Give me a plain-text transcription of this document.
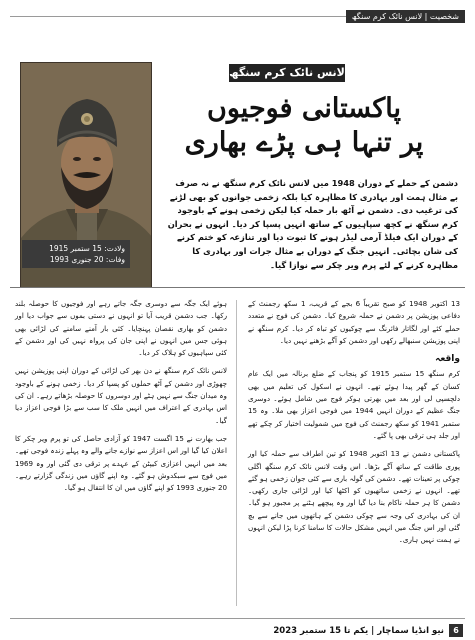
شخصیت | لانس نائک کرم سنگھ
ولادت: 15 ستمبر 1915
وفات: 20 جنوری 1993
لانس نائک کرم سنگھ
پاکستانی فوجیوں
پر تنہا ہی پڑے بھاری

دشمن کے حملے کے دوران 1948 میں لانس نائک کرم سنگھ نے نہ صرف بے مثال ہمت اور بہادری کا مظاہرہ کیا بلکہ زخمی جوانوں کو بھی لڑنے کی ترغیب دی۔ دشمن نے آٹھ بار حملہ کیا لیکن زخمی ہونے کے باوجود کرم سنگھ نے کچھ سپاہیوں کے ساتھ انہیں پسپا کر دیا۔ انہوں نے بحران کے دوران ایک فیلڈ آرمی لیڈر ہونے کا ثبوت دیا اور تنازعہ کو ختم کرنے کی شان بچائی۔ انہیں جنگ کے دوران بے مثال جرات اور بہادری کا مظاہرہ کرنے کے لئے پرم ویر چکر سے نوازا گیا۔

13 اکتوبر 1948 کو صبح تقریباً 6 بجے کے قریب، 1 سکھ رجمنٹ کے دفاعی پوزیشن پر دشمن نے حملہ شروع کیا۔ دشمن کی فوج نے متعدد حملے کئے اور لگاتار فائرنگ سے چوکیوں کو تباہ کر دیا۔ کرم سنگھ نے اپنی پوزیشن سنبھالے رکھی اور دشمن کو آگے بڑھنے نہیں دیا۔

واقعہ

کرم سنگھ 15 ستمبر 1915 کو پنجاب کے ضلع برنالہ میں ایک عام کسان کے گھر پیدا ہوئے تھے۔ انہوں نے اسکول کی تعلیم میں بھی دلچسپی لی اور بعد میں بھرتی ہوکر فوج میں شامل ہوئے۔ دوسری جنگ عظیم کے دوران انہیں 1944 میں فوجی اعزاز بھی ملا۔ وہ 15 ستمبر 1941 کو سکھ رجمنٹ کی فوج میں شمولیت اختیار کر چکے تھے اور جلد ہی ترقی بھی پا گئے۔

پاکستانی دشمن نے 13 اکتوبر 1948 کو تین اطراف سے حملہ کیا اور پوری طاقت کے ساتھ آگے بڑھا۔ اس وقت لانس نائک کرم سنگھ اگلی چوکی پر تعینات تھے۔ دشمن کی گولہ باری سے کئی جوان زخمی ہو گئے تھے۔ انہوں نے زخمی ساتھیوں کو اکٹھا کیا اور لڑائی جاری رکھی۔ دشمن کا ہر حملہ ناکام بنا دیا گیا اور وہ پیچھے ہٹنے پر مجبور ہو گیا۔ ان کی بہادری کی وجہ سے چوکی دشمن کے ہاتھوں میں جانے سے بچ گئی اور اس جنگ میں انہیں مشکل حالات کا سامنا کرنا پڑا لیکن انہوں نے ہمت نہیں ہاری۔

ہوئے ایک جگہ سے دوسری جگہ جاتے رہے اور فوجیوں کا حوصلہ بلند رکھا۔ جب دشمن قریب آیا تو انہوں نے دستی بموں سے جواب دیا اور دشمن کو بھاری نقصان پہنچایا۔ کئی بار آمنے سامنے کی لڑائی بھی ہوئی جس میں انہوں نے اپنی جان کی پرواہ نہیں کی اور دشمن کے کئی سپاہیوں کو ہلاک کر دیا۔

لانس نائک کرم سنگھ نے دن بھر کی لڑائی کے دوران اپنی پوزیشن نہیں چھوڑی اور دشمن کے آٹھ حملوں کو پسپا کر دیا۔ زخمی ہونے کے باوجود وہ میدان جنگ سے نہیں ہٹے اور دوسروں کا حوصلہ بڑھاتے رہے۔ ان کی اس بہادری کے اعتراف میں انہیں ملک کا سب سے بڑا فوجی اعزاز دیا گیا۔

جب بھارت نے 15 اگست 1947 کو آزادی حاصل کی تو پرم ویر چکر کا اعلان کیا گیا اور اس اعزاز سے نوازے جانے والے وہ پہلے زندہ فوجی تھے۔ بعد میں انہیں اعزازی کیپٹن کے عہدے پر ترقی دی گئی اور وہ 1969 میں فوج سے سبکدوش ہو گئے۔ وہ اپنے گاؤں میں زندگی گزارتے رہے۔ 20 جنوری 1993 کو اپنے گاؤں میں ان کا انتقال ہو گیا۔

6
نیو انڈیا سماچار | یکم تا 15 ستمبر 2023
